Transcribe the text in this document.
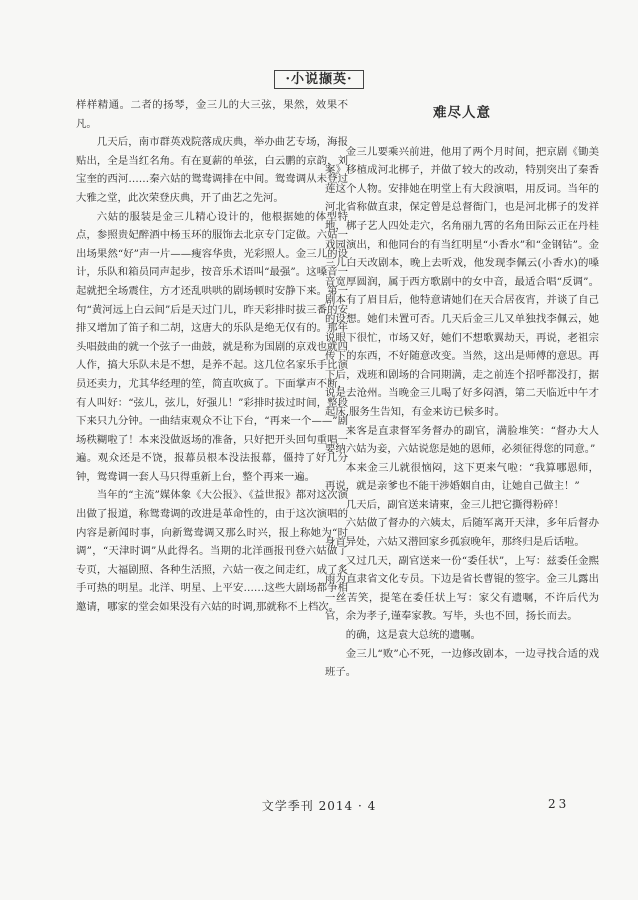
·小说撷英·

样样精通。二者的扬琴，金三儿的大三弦，果然，效果不凡。

几天后，南市群英戏院落成庆典，举办曲艺专场，海报贴出，全是当红名角。有在夏薪的单弦，白云鹏的京韵，刘宝奎的西河……秦六姑的鸳鸯调排在中间。鸳鸯调从未登过大雅之堂，此次荣登庆典，开了曲艺之先河。

六姑的服装是金三儿精心设计的，他根据她的体型特点，参照贵妃醉酒中杨玉环的服饰去北京专门定做。六姑一出场果然“好”声一片——瘦容华贵，光彩照人。金三儿的设计，乐队和箱员同声起步，按音乐术语叫“最强”。这嗓音一起就把全场震住，方才还乱哄哄的剧场顿时安静下来。第一句“黄河远上白云间”后是天过门儿，昨天彩排时拔三番的安排又增加了笛子和二胡，这唐大的乐队是绝无仅有的。那年头唱鼓曲的就一个弦子一曲鼓，就是称为国剧的京戏也就四人作，搞大乐队未是不想，是养不起。这几位名家乐手比演员还卖力，尤其华经理的笙，简直吹疯了。下面掌声不断，有人叫好：“弦儿，弦儿，好强儿！”彩排时拔过时间，整段下来只九分钟。一曲结束观众不让下台，“再来一个——”剧场秩糊啦了！本来没做返场的准备，只好把开头回句重唱一遍。观众还是不饶，报幕员根本没法报幕，僵持了好几分钟，鸳鸯调一套人马只得重新上台，整个再来一遍。

当年的“主流”媒体象《大公报》、《益世报》都对这次演出做了报道，称鸳鸯调的改进是革命性的，由于这次演唱的内容是新闻时事，向新鸳鸯调又那么时兴，报上称她为“时调”，“天津时调”从此得名。当期的北洋画报刊登六姑做了专页，大福剧照、各种生活照，六姑一夜之间走红，成了炙手可热的明星。北洋、明星、上平安……这些大剧场都争相邀请，哪家的堂会如果没有六姑的时调,那就称不上档次。

难尽人意

金三儿要乘兴前进，他用了两个月时间，把京剧《锄美案》移植成河北梆子，并做了较大的改动，特别突出了秦香莲这个人物。安排她在明堂上有大段演唱，用反词。当年的河北省称做直隶，保定曾是总督衙门，也是河北梆子的发祥地，梆子艺人四处走穴，名角丽九霄的名角田际云正在丹桂戏园演出，和他同台的有当红明星“小香水”和“金钢钻”。金三儿白天改剧本，晚上去听戏，他发现李佩云(小香水)的嗓音宽厚圆润，属于西方歌剧中的女中音，最适合唱“反调”。剧本有了眉目后，他特意请她们在天合居夜宵，并谈了自己的设想。她们未置可否。几天后金三儿又单独找李佩云，她说眼下很忙，市场又好，她们不想歌翼劫天，再说，老祖宗传下的东西，不好随意改变。当然，这出是师傅的意思。再下后，戏班和剧场的合同期满，走之前连个招呼都没打，据说是去沧州。当晚金三儿喝了好多闷酒，第二天临近中午才起床,服务生告知，有金来访已候多时。

来客是直隶督军务督办的副官，满脸堆笑：“督办大人要纳六姑为妾，六姑说您是她的恩师，必须征得您的同意。”

本来金三儿就很恼闷，这下更来气啦：“我算哪恩师，再说，就是亲爹也不能干涉婚姻自由，让她自己做主！”

几天后，副官送来请柬，金三儿把它撕得粉碎！

六姑做了督办的六姨太，后随军离开天津，多年后督办身首异处，六姑又潜回家乡孤寂晚年，那终归是后话啦。

又过几天，副官送来一份“委任状”，上写：兹委任金熙雨为直隶省文化专员。下边是省长曹锟的签字。金三儿露出一丝苦笑，提笔在委任状上写：家父有遗嘱，不许后代为官，余为孝子,谨奉家教。写毕，头也不回，扬长而去。

的确，这是袁大总统的遗嘱。

金三儿“败”心不死，一边修改剧本，一边寻找合适的戏班子。

文学季刊 2014 · 4	23
